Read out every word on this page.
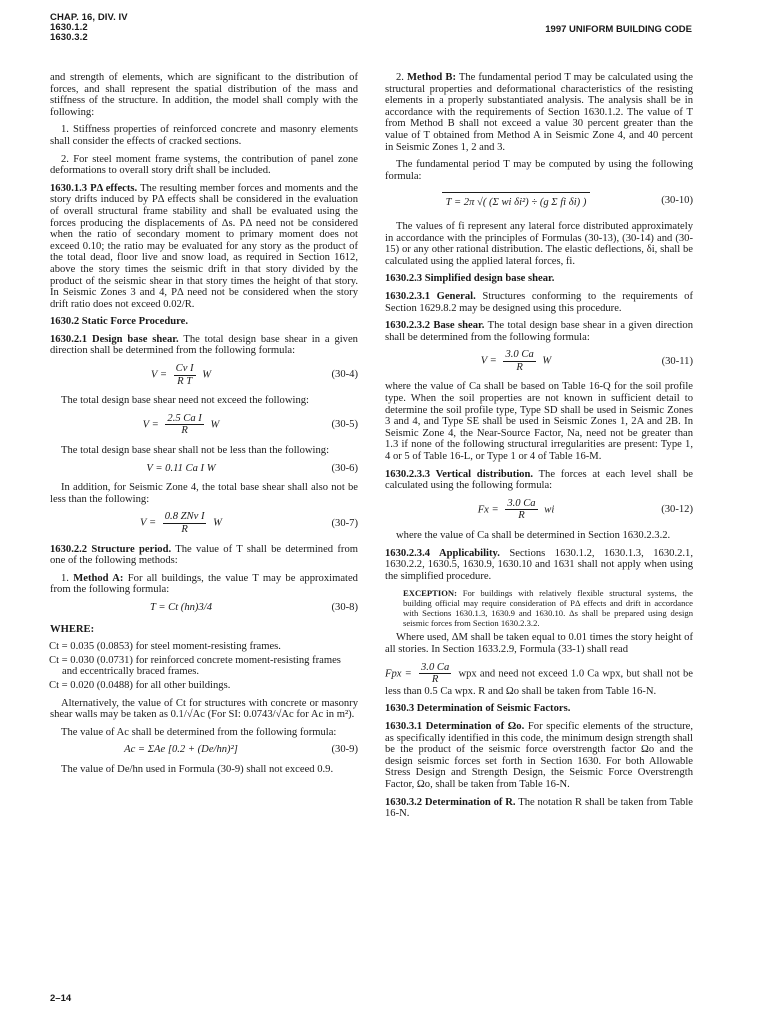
CHAP. 16, DIV. IV
1630.1.2
1630.3.2
1997 UNIFORM BUILDING CODE

and strength of elements, which are significant to the distribution of forces, and shall represent the spatial distribution of the mass and stiffness of the structure. In addition, the model shall comply with the following:

1. Stiffness properties of reinforced concrete and masonry elements shall consider the effects of cracked sections.

2. For steel moment frame systems, the contribution of panel zone deformations to overall story drift shall be included.

1630.1.3 PΔ effects. The resulting member forces and moments and the story drifts induced by PΔ effects shall be considered in the evaluation of overall structural frame stability and shall be evaluated using the forces producing the displacements of Δs. PΔ need not be considered when the ratio of secondary moment to primary moment does not exceed 0.10; the ratio may be evaluated for any story as the product of the total dead, floor live and snow load, as required in Section 1612, above the story times the seismic drift in that story divided by the product of the seismic shear in that story times the height of that story. In Seismic Zones 3 and 4, PΔ need not be considered when the story drift ratio does not exceed 0.02/R.

1630.2 Static Force Procedure.

1630.2.1 Design base shear. The total design base shear in a given direction shall be determined from the following formula:

$V = \frac{\text{Cv I}}{\text{R T}}$ W	(30-4)

The total design base shear need not exceed the following:

$V = \frac{\text{2.5 Ca I}}{R}$ W	(30-5)

The total design base shear shall not be less than the following:

V = 0.11 Ca I W	(30-6)

In addition, for Seismic Zone 4, the total base shear shall also not be less than the following:

$V = \frac{\text{0.8 ZNv I}}{R}$ W	(30-7)

1630.2.2 Structure period. The value of T shall be determined from one of the following methods:

1. Method A: For all buildings, the value T may be approximated from the following formula:

T = Ct (hn)3/4	(30-8)

WHERE:

Ct = 0.035 (0.0853) for steel moment-resisting frames.
Ct = 0.030 (0.0731) for reinforced concrete moment-resisting frames and eccentrically braced frames.
Ct = 0.020 (0.0488) for all other buildings.

Alternatively, the value of Ct for structures with concrete or masonry shear walls may be taken as 0.1/√Ac (For SI: 0.0743/√Ac for Ac in m²).

The value of Ac shall be determined from the following formula:

Ac = ΣAe [0.2 + (De/hn)²]	(30-9)

The value of De/hn used in Formula (30-9) shall not exceed 0.9.

2. Method B: The fundamental period T may be calculated using the structural properties and deformational characteristics of the resisting elements in a properly substantiated analysis. The analysis shall be in accordance with the requirements of Section 1630.1.2. The value of T from Method B shall not exceed a value 30 percent greater than the value of T obtained from Method A in Seismic Zone 4, and 40 percent in Seismic Zones 1, 2 and 3.

The fundamental period T may be computed by using the following formula:

T = 2π √( (Σ wi δi²) ÷ (g Σ fi δi) )	(30-10)

The values of fi represent any lateral force distributed approximately in accordance with the principles of Formulas (30-13), (30-14) and (30-15) or any other rational distribution. The elastic deflections, δi, shall be calculated using the applied lateral forces, fi.

1630.2.3 Simplified design base shear.

1630.2.3.1 General. Structures conforming to the requirements of Section 1629.8.2 may be designed using this procedure.

1630.2.3.2 Base shear. The total design base shear in a given direction shall be determined from the following formula:

$V = \frac{3.0 Ca}{R}$ W	(30-11)

where the value of Ca shall be based on Table 16-Q for the soil profile type. When the soil properties are not known in sufficient detail to determine the soil profile type, Type SD shall be used in Seismic Zones 3 and 4, and Type SE shall be used in Seismic Zones 1, 2A and 2B. In Seismic Zone 4, the Near-Source Factor, Na, need not be greater than 1.3 if none of the following structural irregularities are present: Type 1, 4 or 5 of Table 16-L, or Type 1 or 4 of Table 16-M.

1630.2.3.3 Vertical distribution. The forces at each level shall be calculated using the following formula:

$Fx = \frac{3.0 Ca}{R}$ wi	(30-12)

where the value of Ca shall be determined in Section 1630.2.3.2.

1630.2.3.4 Applicability. Sections 1630.1.2, 1630.1.3, 1630.2.1, 1630.2.2, 1630.5, 1630.9, 1630.10 and 1631 shall not apply when using the simplified procedure.

EXCEPTION: For buildings with relatively flexible structural systems, the building official may require consideration of PΔ effects and drift in accordance with Sections 1630.1.3, 1630.9 and 1630.10. Δs shall be prepared using design seismic forces from Section 1630.2.3.2.

Where used, ΔM shall be taken equal to 0.01 times the story height of all stories. In Section 1633.2.9, Formula (33-1) shall read

Fpx = $\frac{3.0 Ca}{R}$ wpx and need not exceed 1.0 Ca wpx, but shall not be less than 0.5 Ca wpx. R and Ωo shall be taken from Table 16-N.

1630.3 Determination of Seismic Factors.

1630.3.1 Determination of Ωo. For specific elements of the structure, as specifically identified in this code, the minimum design strength shall be the product of the seismic force overstrength factor Ωo and the design seismic forces set forth in Section 1630. For both Allowable Stress Design and Strength Design, the Seismic Force Overstrength Factor, Ωo, shall be taken from Table 16-N.

1630.3.2 Determination of R. The notation R shall be taken from Table 16-N.

2–14
